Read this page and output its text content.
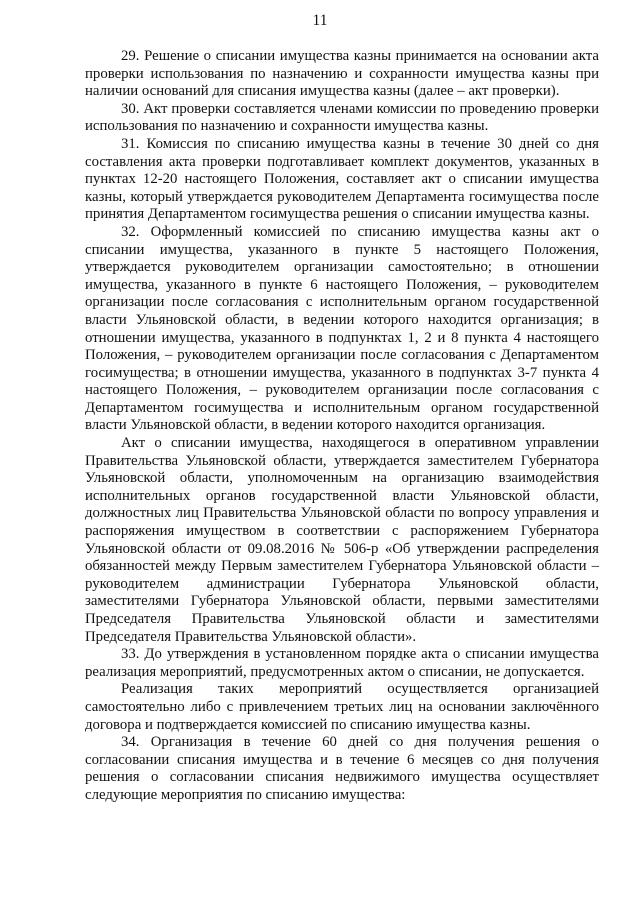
11

29. Решение о списании имущества казны принимается на основании акта проверки использования по назначению и сохранности имущества казны при наличии оснований для списания имущества казны (далее – акт проверки).

30. Акт проверки составляется членами комиссии по проведению проверки использования по назначению и сохранности имущества казны.

31. Комиссия по списанию имущества казны в течение 30 дней со дня составления акта проверки подготавливает комплект документов, указанных в пунктах 12-20 настоящего Положения, составляет акт о списании имущества казны, который утверждается руководителем Департамента госимущества после принятия Департаментом госимущества решения о списании имущества казны.

32. Оформленный комиссией по списанию имущества казны акт о списании имущества, указанного в пункте 5 настоящего Положения, утверждается руководителем организации самостоятельно; в отношении имущества, указанного в пункте 6 настоящего Положения, – руководителем организации после согласования с исполнительным органом государственной власти Ульяновской области, в ведении которого находится организация; в отношении имущества, указанного в подпунктах 1, 2 и 8 пункта 4 настоящего Положения, – руководителем организации после согласования с Департаментом госимущества; в отношении имущества, указанного в подпунктах 3-7 пункта 4 настоящего Положения, – руководителем организации после согласования с Департаментом госимущества и исполнительным органом государственной власти Ульяновской области, в ведении которого находится организация.

Акт о списании имущества, находящегося в оперативном управлении Правительства Ульяновской области, утверждается заместителем Губернатора Ульяновской области, уполномоченным на организацию взаимодействия исполнительных органов государственной власти Ульяновской области, должностных лиц Правительства Ульяновской области по вопросу управления и распоряжения имуществом в соответствии с распоряжением Губернатора Ульяновской области от 09.08.2016 № 506-р «Об утверждении распределения обязанностей между Первым заместителем Губернатора Ульяновской области – руководителем администрации Губернатора Ульяновской области, заместителями Губернатора Ульяновской области, первыми заместителями Председателя Правительства Ульяновской области и заместителями Председателя Правительства Ульяновской области».

33. До утверждения в установленном порядке акта о списании имущества реализация мероприятий, предусмотренных актом о списании, не допускается.

Реализация таких мероприятий осуществляется организацией самостоятельно либо с привлечением третьих лиц на основании заключённого договора и подтверждается комиссией по списанию имущества казны.

34. Организация в течение 60 дней со дня получения решения о согласовании списания имущества и в течение 6 месяцев со дня получения решения о согласовании списания недвижимого имущества осуществляет следующие мероприятия по списанию имущества:
